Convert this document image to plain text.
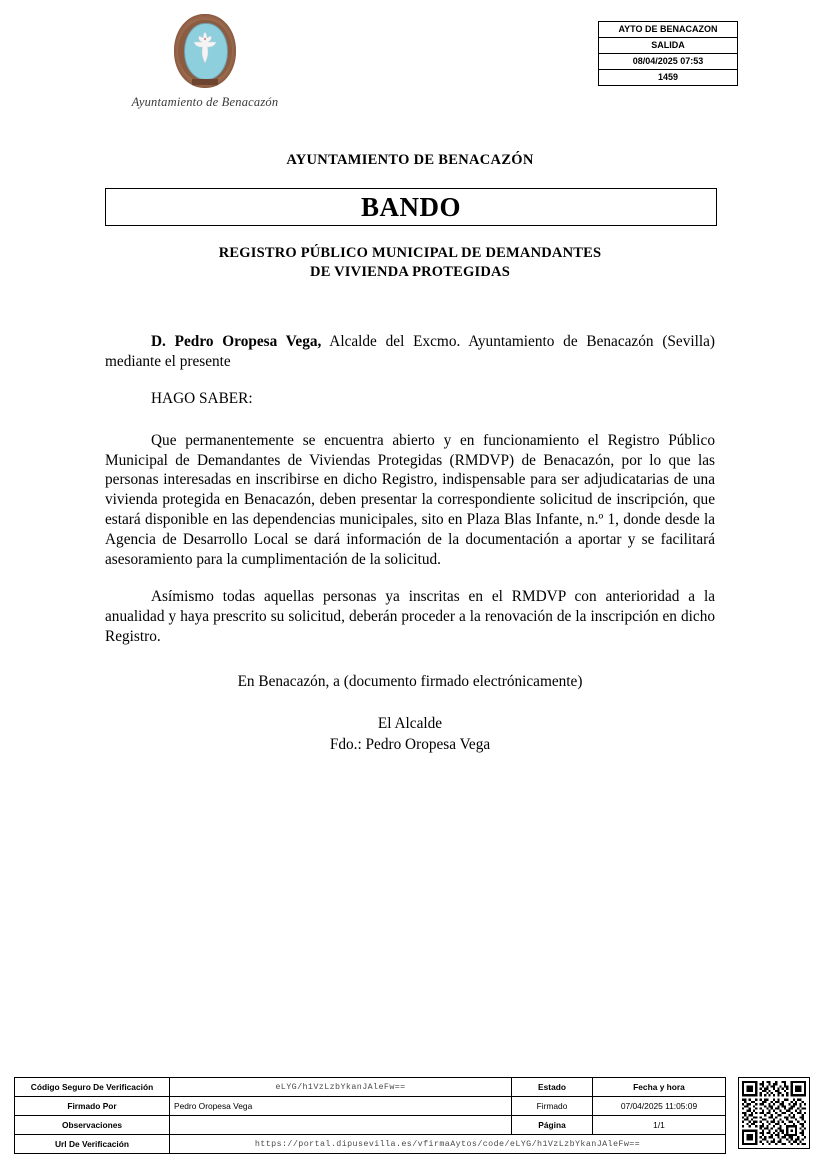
Ayuntamiento de Benacazón
AYTO DE BENACAZON
SALIDA
08/04/2025 07:53
1459
AYUNTAMIENTO DE BENACAZÓN
BANDO
REGISTRO PÚBLICO MUNICIPAL DE DEMANDANTES
DE VIVIENDA PROTEGIDAS

D. Pedro Oropesa Vega, Alcalde del Excmo. Ayuntamiento de Benacazón (Sevilla) mediante el presente

HAGO SABER:

Que permanentemente se encuentra abierto y en funcionamiento el Registro Público Municipal de Demandantes de Viviendas Protegidas (RMDVP) de Benacazón, por lo que las personas interesadas en inscribirse en dicho Registro, indispensable para ser adjudicatarias de una vivienda protegida en Benacazón, deben presentar la correspondiente solicitud de inscripción, que estará disponible en las dependencias municipales, sito en Plaza Blas Infante, n.º 1, donde desde la Agencia de Desarrollo Local se dará información de la documentación a aportar y se facilitará asesoramiento para la cumplimentación de la solicitud.

Asímismo todas aquellas personas ya inscritas en el RMDVP con anterioridad a la anualidad y haya prescrito su solicitud, deberán proceder a la renovación de la inscripción en dicho Registro.

En Benacazón, a (documento firmado electrónicamente)
El Alcalde
Fdo.: Pedro Oropesa Vega
Código Seguro De Verificación	eLYG/h1VzLzbYkanJAleFw==	Estado	Fecha y hora
Firmado Por	Pedro Oropesa Vega	Firmado	07/04/2025 11:05:09
Observaciones		Página	1/1
Url De Verificación	https://portal.dipusevilla.es/vfirmaAytos/code/eLYG/h1VzLzbYkanJAleFw==		
